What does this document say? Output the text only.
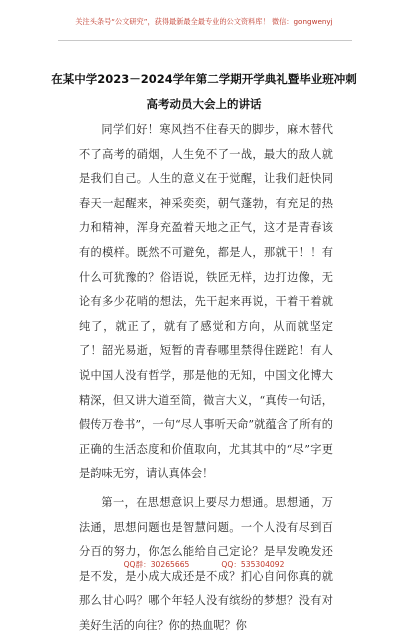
关注头条号“公文研究”，获得最新最全最专业的公文资料库！ 微信：gongwenyj
在某中学2023－2024学年第二学期开学典礼暨毕业班冲刺
高考动员大会上的讲话

同学们好！寒风挡不住春天的脚步，麻木替代不了高考的硝烟，人生免不了一战，最大的敌人就是我们自己。人生的意义在于觉醒，让我们赶快同春天一起醒来，神采奕奕，朝气蓬勃，有充足的热力和精神，浑身充盈着天地之正气，这才是青春该有的模样。既然不可避免，都是人，那就干！！有什么可犹豫的？俗语说，铁匠无样，边打边像，无论有多少花哨的想法，先干起来再说，干着干着就纯了，就正了，就有了感觉和方向，从而就坚定了！韶光易逝，短暂的青春哪里禁得住蹉跎！有人说中国人没有哲学，那是他的无知，中国文化博大精深，但又讲大道至简，微言大义，“真传一句话，假传万卷书”，一句“尽人事听天命”就蕴含了所有的正确的生活态度和价值取向，尤其其中的“尽”字更是韵味无穷，请认真体会！

第一，在思想意识上要尽力想通。思想通，万法通，思想问题也是智慧问题。一个人没有尽到百分百的努力，你怎么能给自己定论？是早发晚发还是不发，是小成大成还是不成？扪心自问你真的就那么甘心吗？哪个年轻人没有缤纷的梦想？没有对美好生活的向往？你的热血呢？你

QQ群：30265665	QQ：535304092
